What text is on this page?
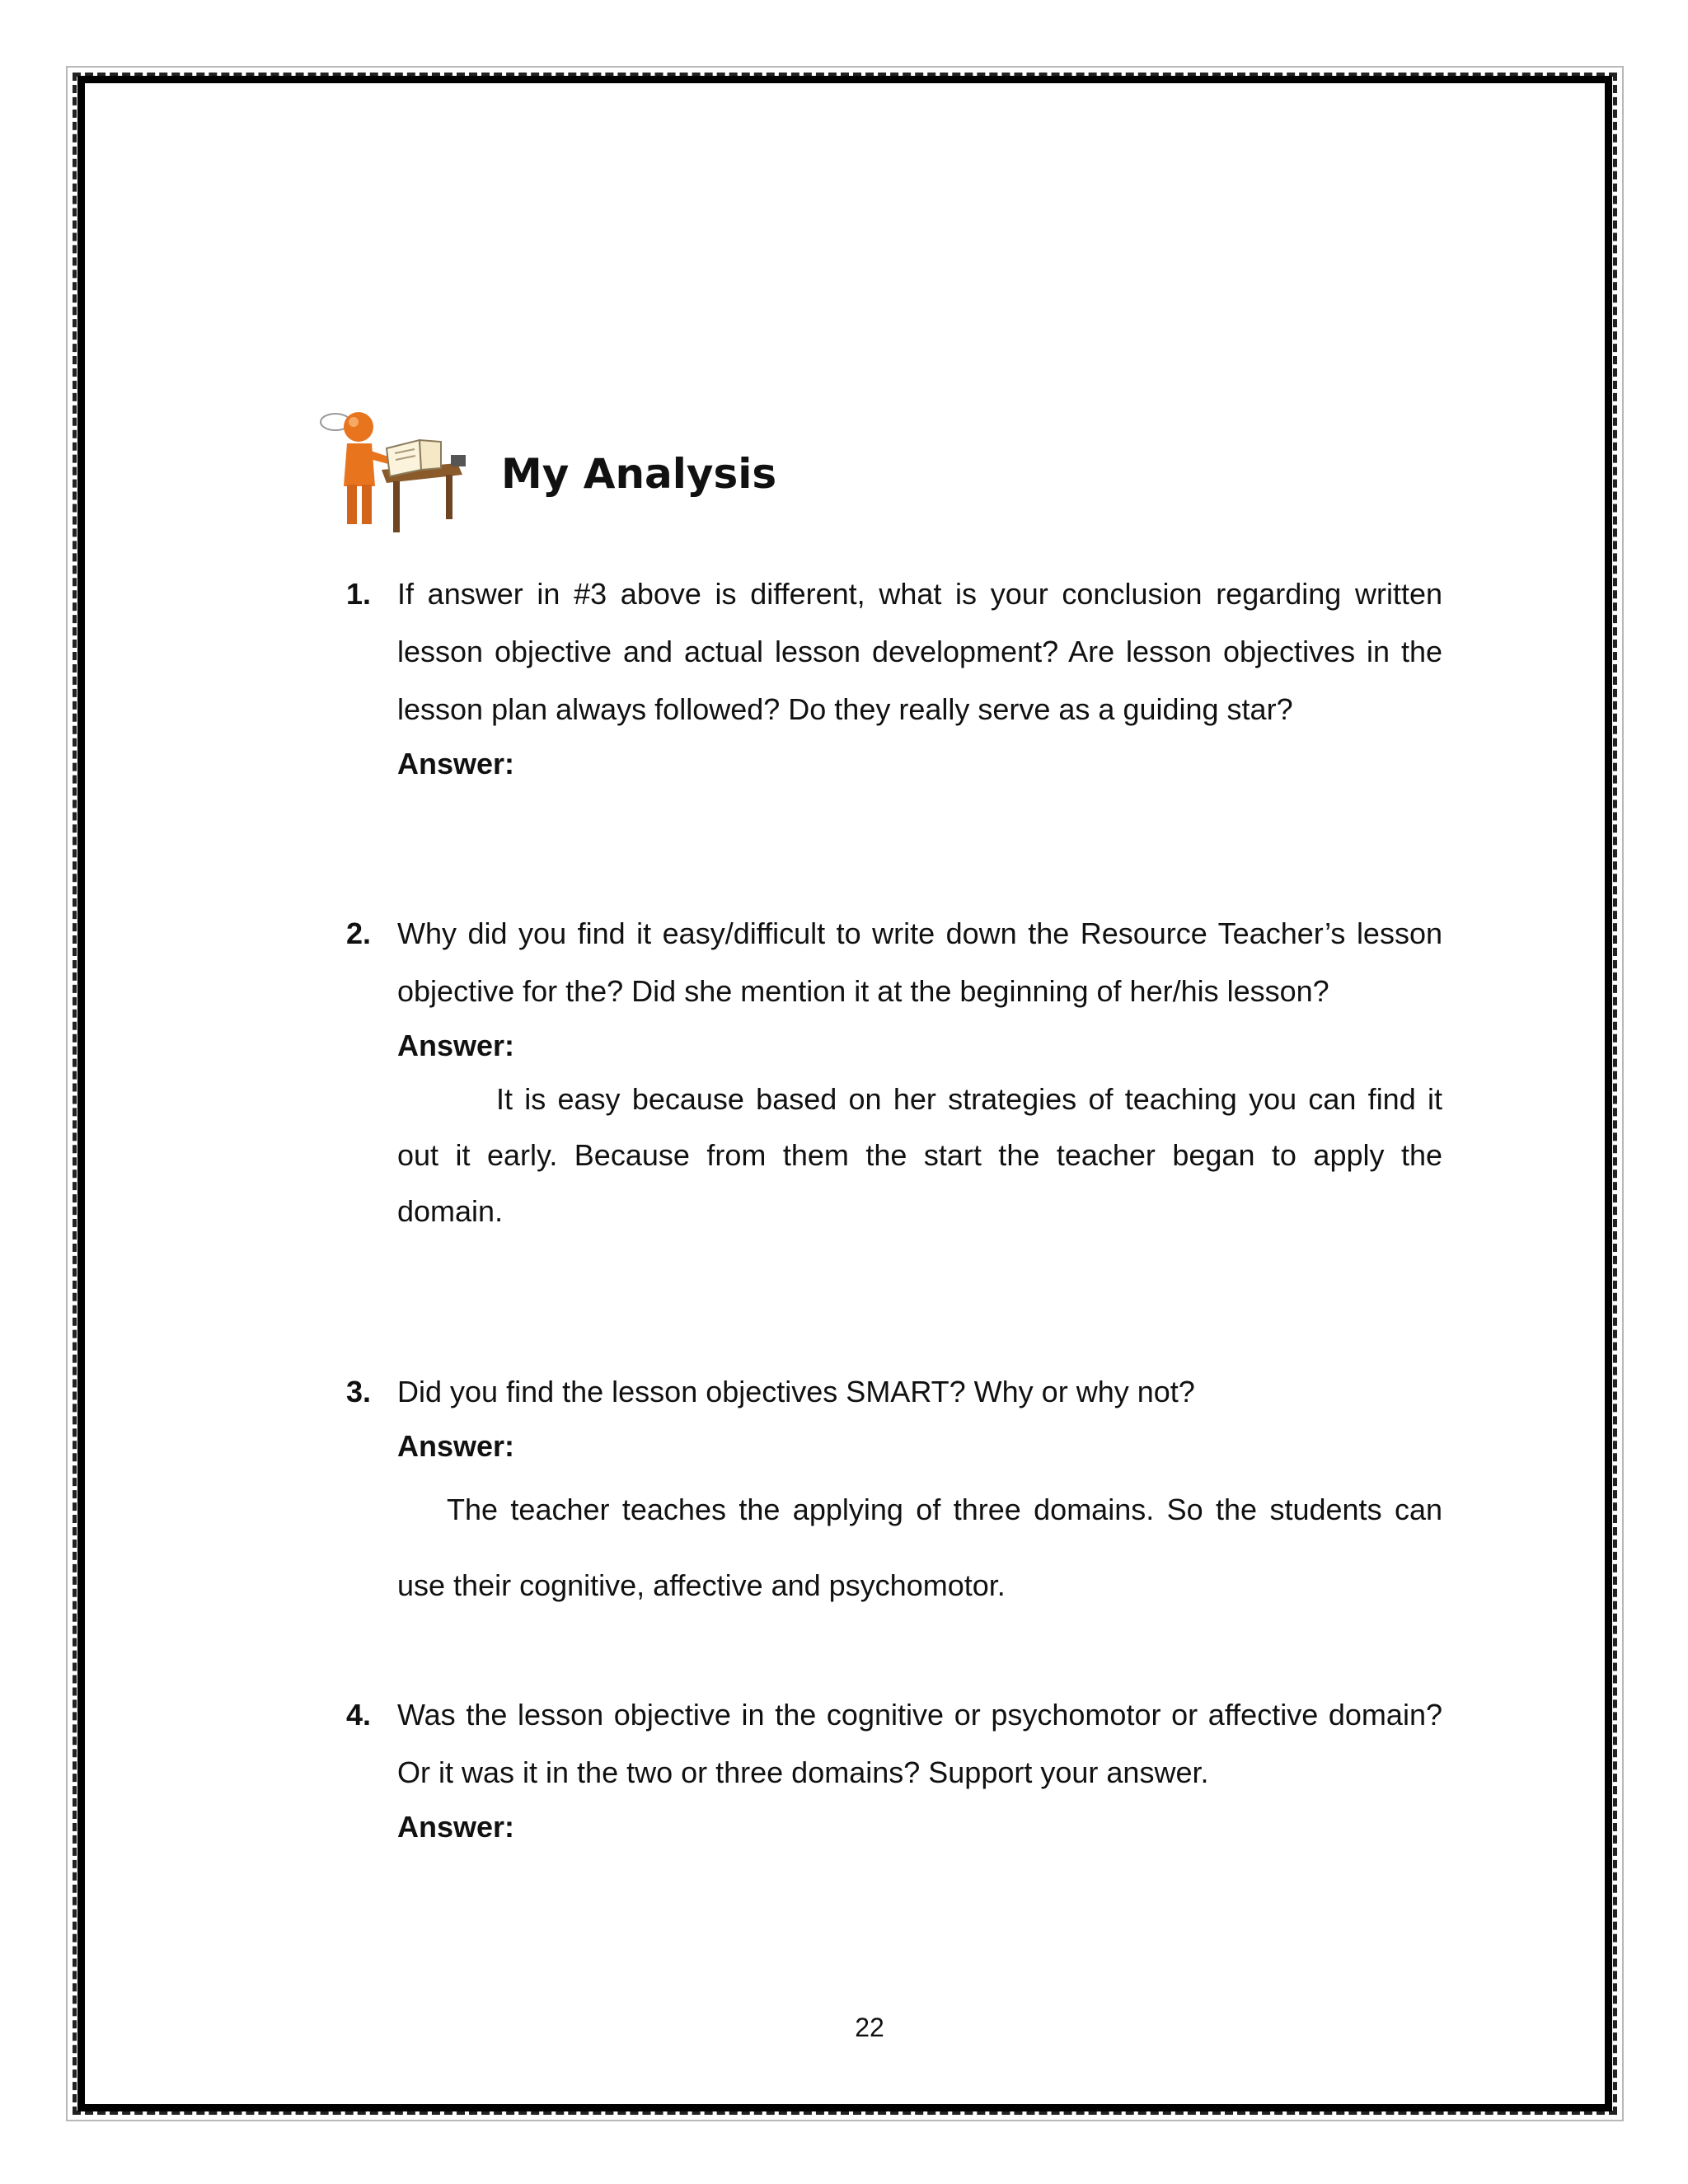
My Analysis
1. If answer in #3 above is different, what is your conclusion regarding written lesson objective and actual lesson development? Are lesson objectives in the lesson plan always followed? Do they really serve as a guiding star?

Answer:

2. Why did you find it easy/difficult to write down the Resource Teacher’s lesson objective for the? Did she mention it at the beginning of her/his lesson?

Answer:

It is easy because based on her strategies of teaching you can find it out it early. Because from them the start the teacher began to apply the domain.

3. Did you find the lesson objectives SMART? Why or why not?

Answer:

The teacher teaches the applying of three domains. So the students can use their cognitive, affective and psychomotor.

4. Was the lesson objective in the cognitive or psychomotor or affective domain? Or it was it in the two or three domains? Support your answer.

Answer:

22
